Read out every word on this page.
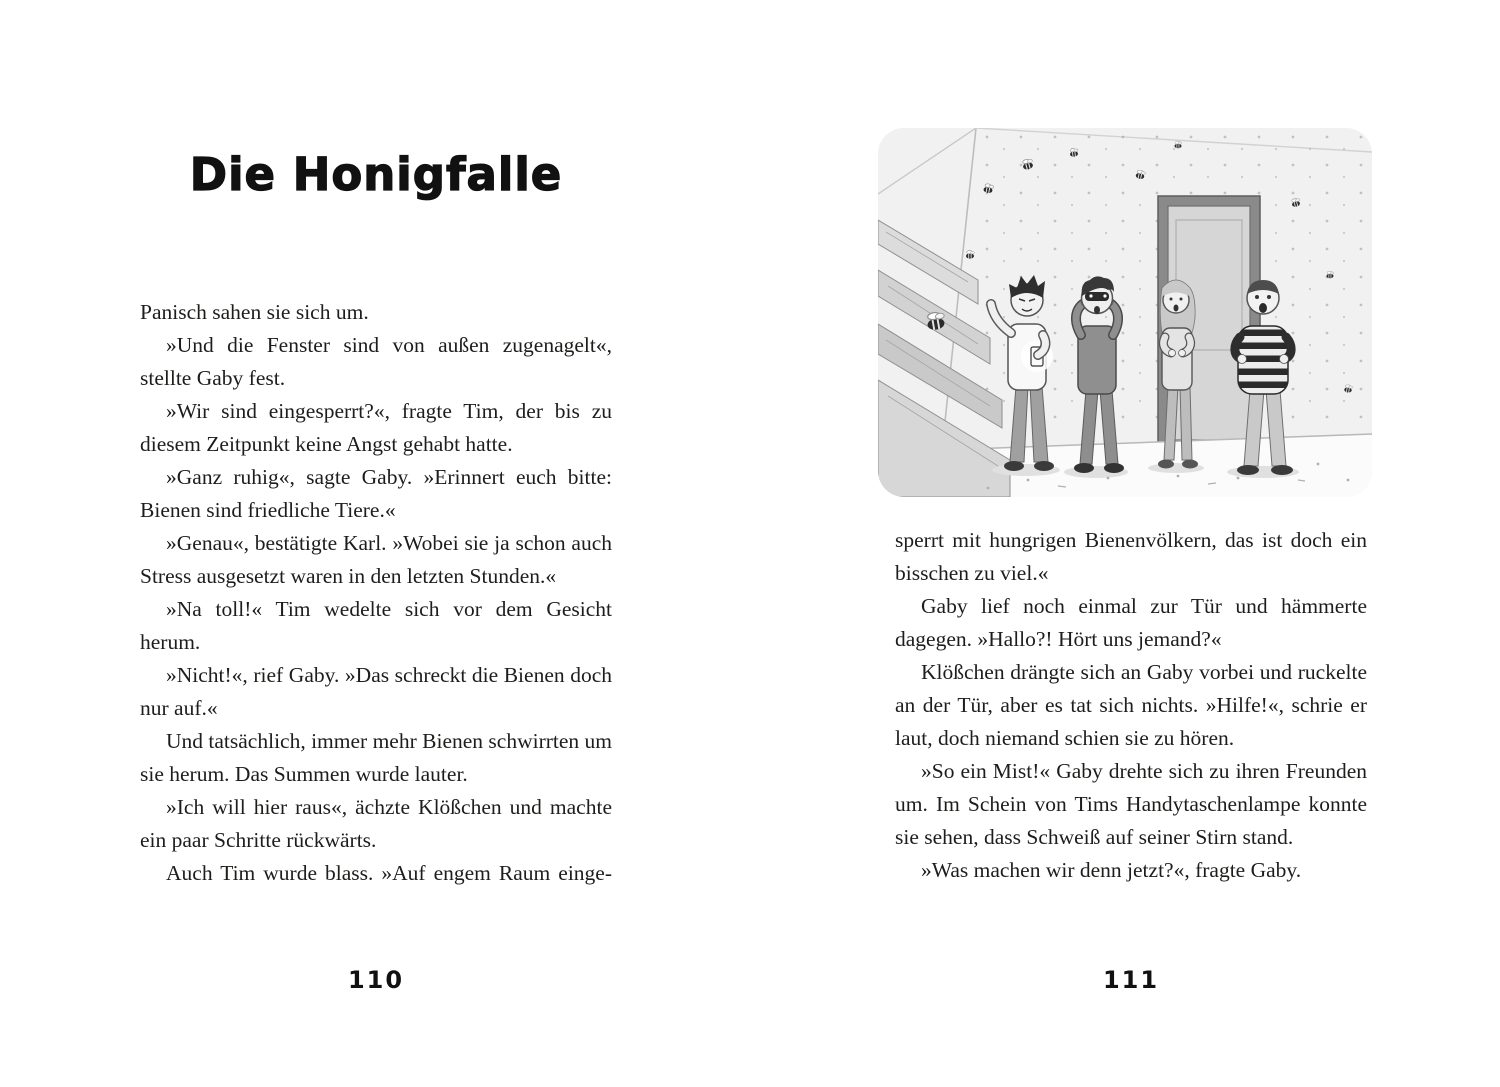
Die Honigfalle

Panisch sahen sie sich um.

»Und die Fenster sind von außen zugenagelt«, stellte Gaby fest.

»Wir sind eingesperrt?«, fragte Tim, der bis zu diesem Zeitpunkt keine Angst gehabt hatte.

»Ganz ruhig«, sagte Gaby. »Erinnert euch bitte: Bienen sind friedliche Tiere.«

»Genau«, bestätigte Karl. »Wobei sie ja schon auch Stress ausgesetzt waren in den letzten Stunden.«

»Na toll!« Tim wedelte sich vor dem Gesicht herum.

»Nicht!«, rief Gaby. »Das schreckt die Bienen doch nur auf.«

Und tatsächlich, immer mehr Bienen schwirrten um sie herum. Das Summen wurde lauter.

»Ich will hier raus«, ächzte Klößchen und machte ein paar Schritte rückwärts.

Auch Tim wurde blass. »Auf engem Raum einge-

110

sperrt mit hungrigen Bienenvölkern, das ist doch ein bisschen zu viel.«

Gaby lief noch einmal zur Tür und hämmerte dagegen. »Hallo?! Hört uns jemand?«

Klößchen drängte sich an Gaby vorbei und ruckelte an der Tür, aber es tat sich nichts. »Hilfe!«, schrie er laut, doch niemand schien sie zu hören.

»So ein Mist!« Gaby drehte sich zu ihren Freunden um. Im Schein von Tims Handytaschenlampe konnte sie sehen, dass Schweiß auf seiner Stirn stand.

»Was machen wir denn jetzt?«, fragte Gaby.

111
